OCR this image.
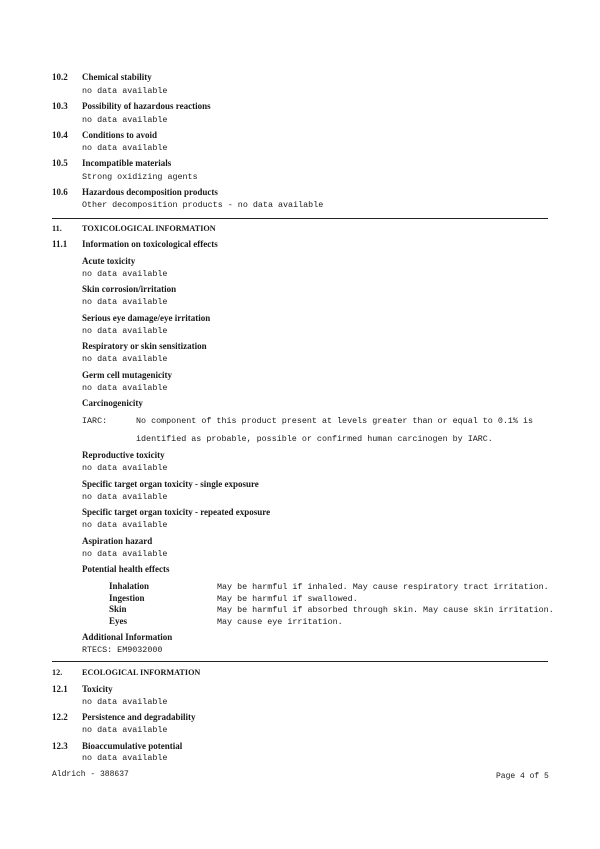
10.2 Chemical stability
no data available
10.3 Possibility of hazardous reactions
no data available
10.4 Conditions to avoid
no data available
10.5 Incompatible materials
Strong oxidizing agents
10.6 Hazardous decomposition products
Other decomposition products - no data available
11. TOXICOLOGICAL INFORMATION
11.1 Information on toxicological effects
Acute toxicity
no data available
Skin corrosion/irritation
no data available
Serious eye damage/eye irritation
no data available
Respiratory or skin sensitization
no data available
Germ cell mutagenicity
no data available
Carcinogenicity
IARC:	No component of this product present at levels greater than or equal to 0.1% is
identified as probable, possible or confirmed human carcinogen by IARC.
Reproductive toxicity
no data available
Specific target organ toxicity - single exposure
no data available
Specific target organ toxicity - repeated exposure
no data available
Aspiration hazard
no data available
Potential health effects
Inhalation	May be harmful if inhaled. May cause respiratory tract irritation.
Ingestion	May be harmful if swallowed.
Skin	May be harmful if absorbed through skin. May cause skin irritation.
Eyes	May cause eye irritation.
Additional Information
RTECS: EM9032000
12. ECOLOGICAL INFORMATION
12.1 Toxicity
no data available
12.2 Persistence and degradability
no data available
12.3 Bioaccumulative potential
no data available
Aldrich - 388637	Page 4 of 5
